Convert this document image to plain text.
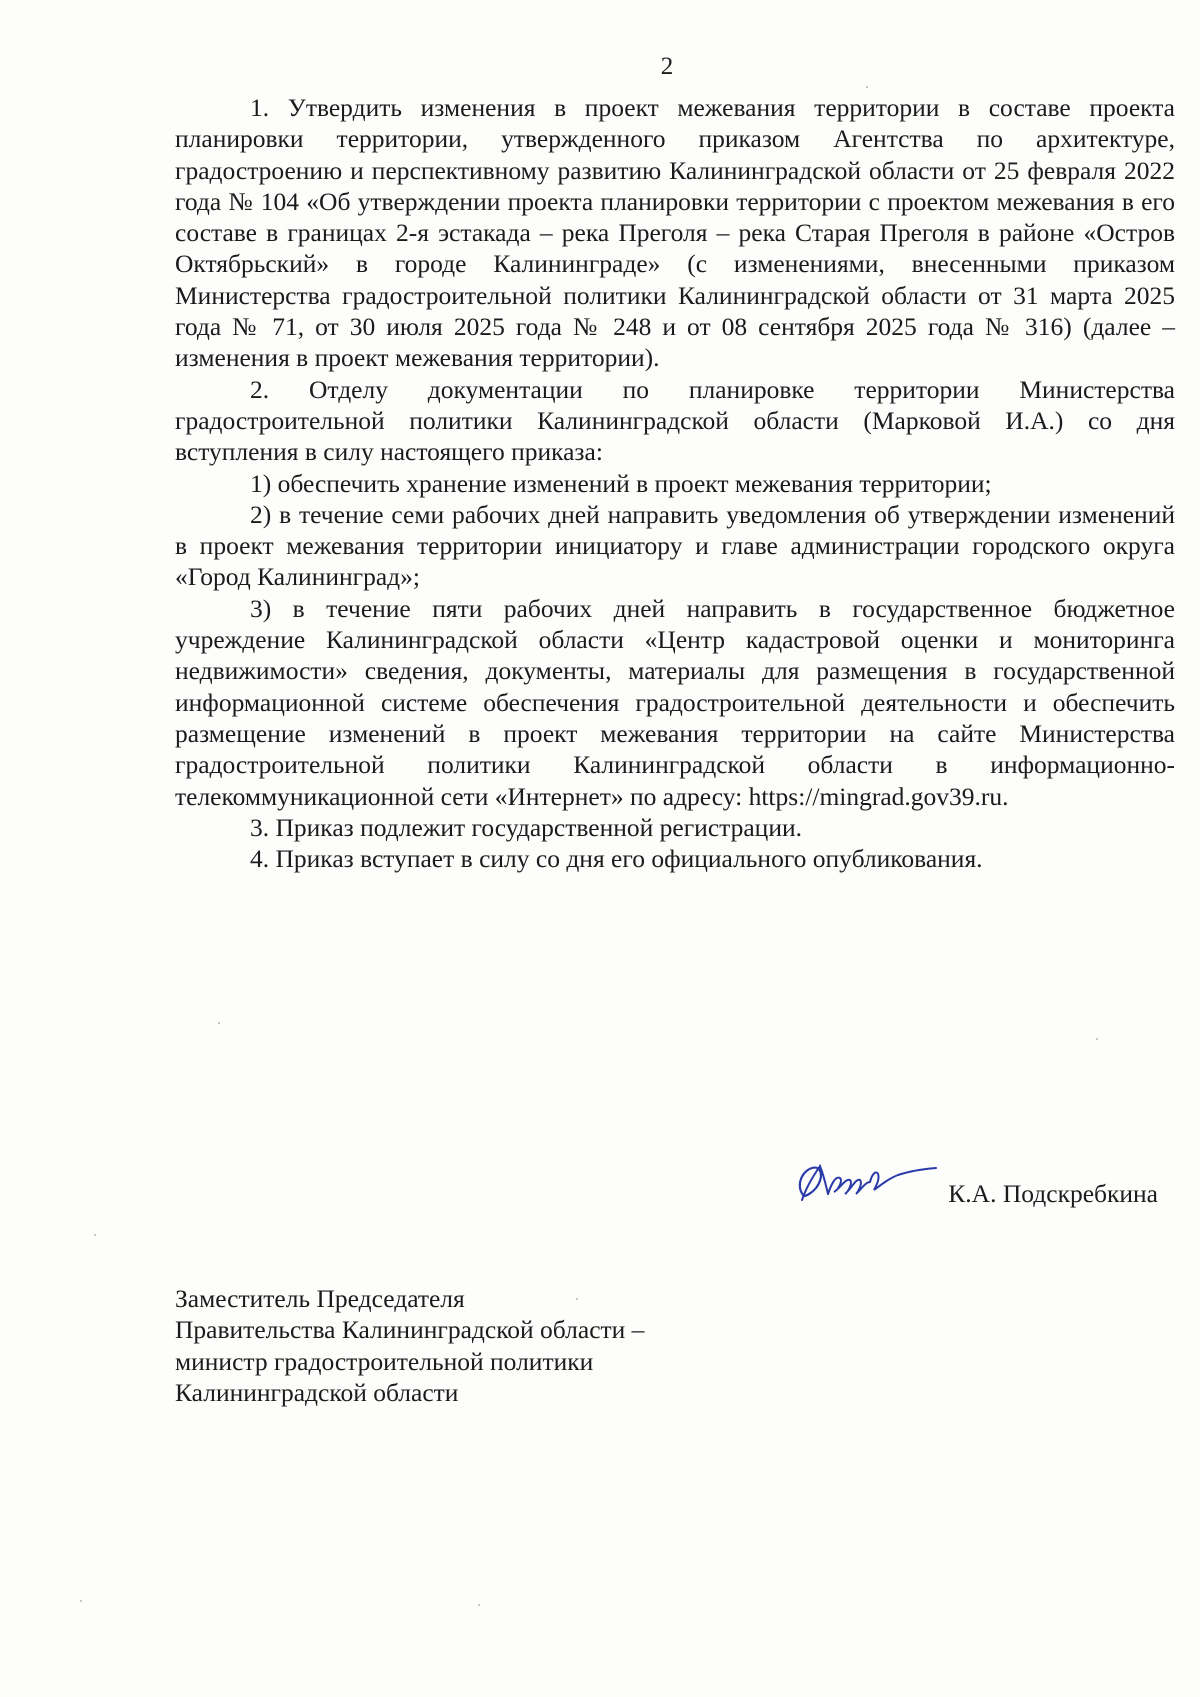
2

1. Утвердить изменения в проект межевания территории в составе проекта планировки территории, утвержденного приказом Агентства по архитектуре, градостроению и перспективному развитию Калининградской области от 25 февраля 2022 года № 104 «Об утверждении проекта планировки территории с проектом межевания в его составе в границах 2-я эстакада – река Преголя – река Старая Преголя в районе «Остров Октябрьский» в городе Калининграде» (с изменениями, внесенными приказом Министерства градостроительной политики Калининградской области от 31 марта 2025 года № 71, от 30 июля 2025 года № 248 и от 08 сентября 2025 года № 316) (далее – изменения в проект межевания территории).

2. Отделу документации по планировке территории Министерства градостроительной политики Калининградской области (Марковой И.А.) со дня вступления в силу настоящего приказа:

1) обеспечить хранение изменений в проект межевания территории;

2) в течение семи рабочих дней направить уведомления об утверждении изменений в проект межевания территории инициатору и главе администрации городского округа «Город Калининград»;

3) в течение пяти рабочих дней направить в государственное бюджетное учреждение Калининградской области «Центр кадастровой оценки и мониторинга недвижимости» сведения, документы, материалы для размещения в государственной информационной системе обеспечения градостроительной деятельности и обеспечить размещение изменений в проект межевания территории на сайте Министерства градостроительной политики Калининградской области в информационно-телекоммуникационной сети «Интернет» по адресу: https://mingrad.gov39.ru.

3. Приказ подлежит государственной регистрации.

4. Приказ вступает в силу со дня его официального опубликования.

Заместитель Председателя
Правительства Калининградской области –
министр градостроительной политики
Калининградской области
К.А. Подскребкина
